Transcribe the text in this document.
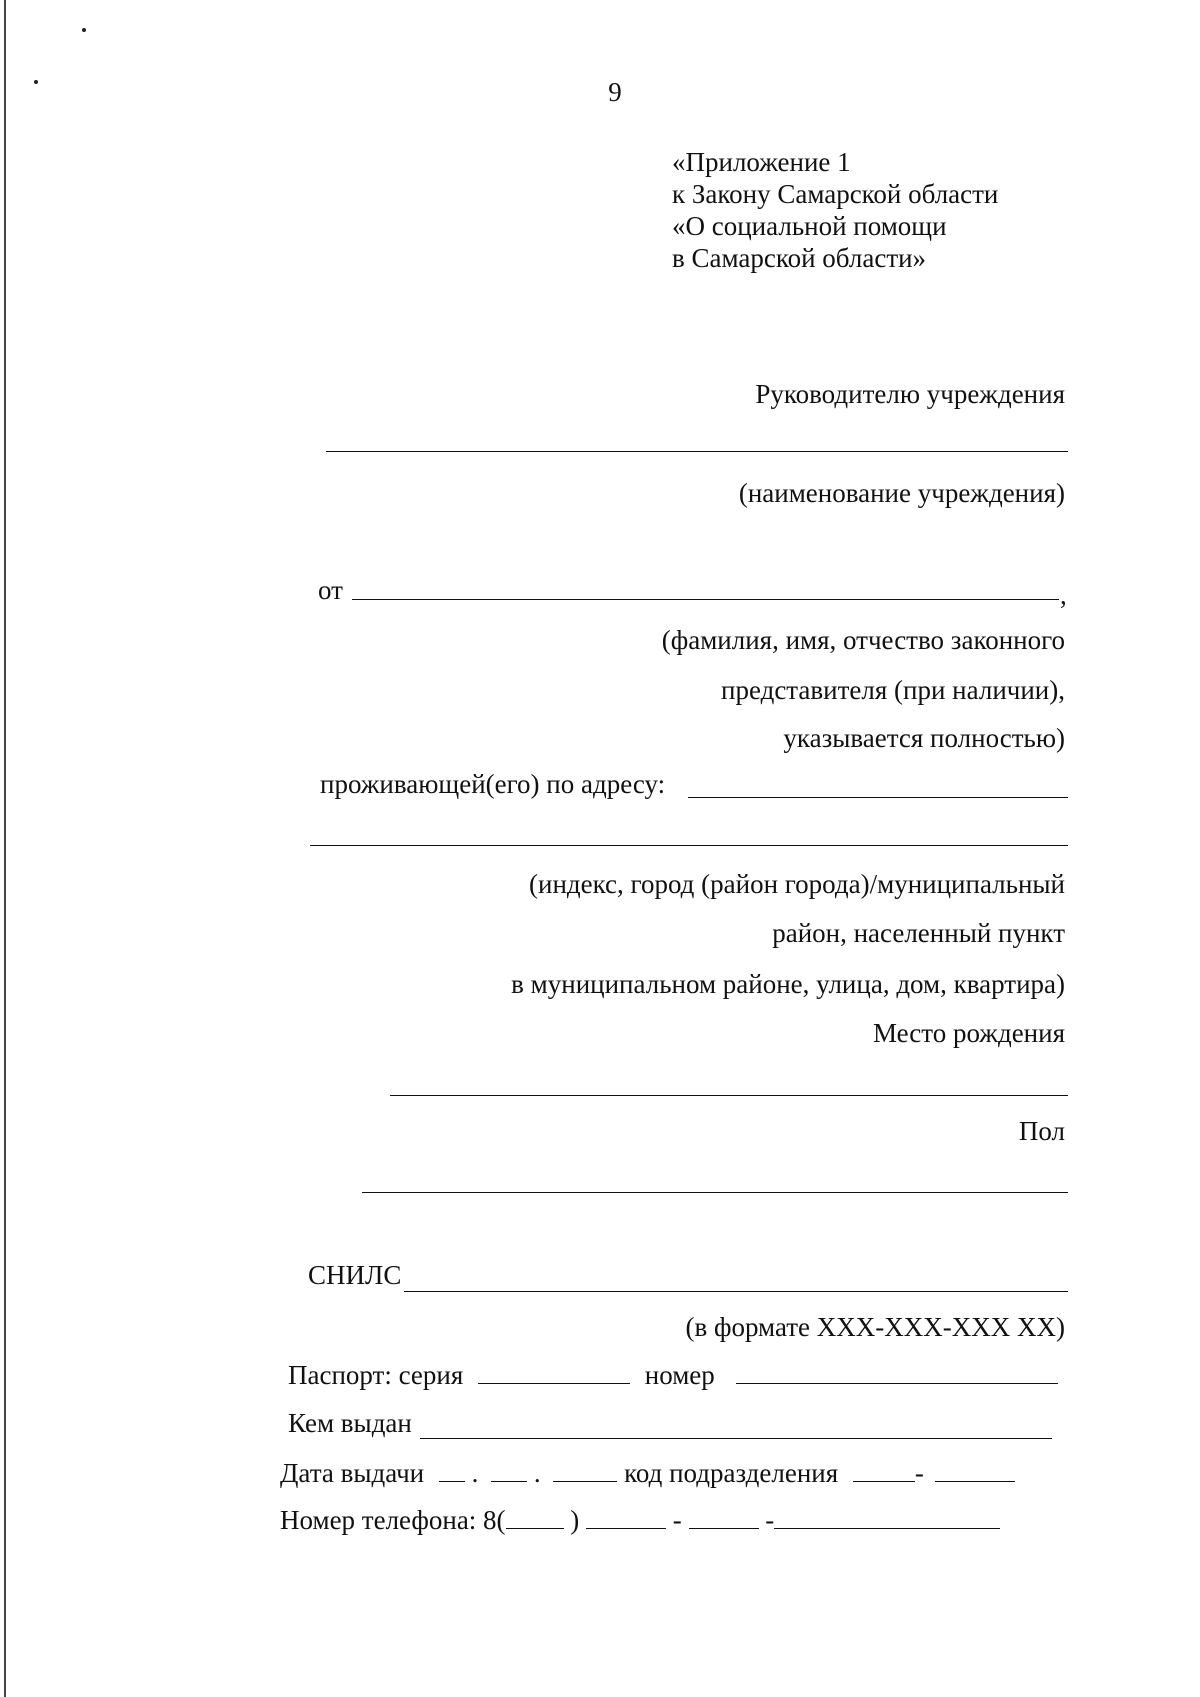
9
«Приложение 1
к Закону Самарской области
«О социальной помощи
в Самарской области»
Руководителю учреждения
(наименование учреждения)
от	,
(фамилия, имя, отчество законного
представителя (при наличии),
указывается полностью)
проживающей(его) по адресу:
(индекс, город (район города)/муниципальный
район, населенный пункт
в муниципальном районе, улица, дом, квартира)
Место рождения
Пол
СНИЛС
(в формате ХХХ-ХХХ-ХХХ ХХ)
Паспорт: серия	номер
Кем выдан
Дата выдачи . .	код подразделения	-
Номер телефона: 8( )	-	-
